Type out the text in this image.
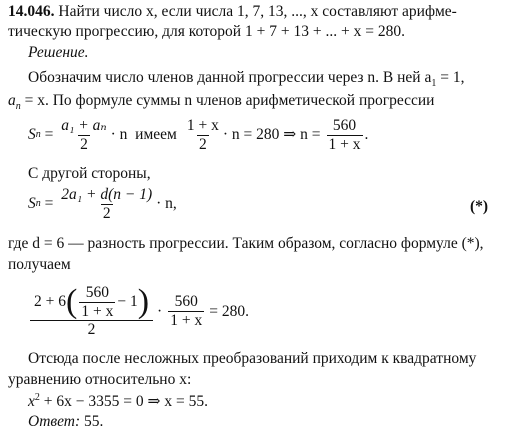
14.046. Найти число x, если числа 1, 7, 13, ..., x составляют арифме-
тическую прогрессию, для которой 1 + 7 + 13 + ... + x = 280.
Решение.
Обозначим число членов данной прогрессии через n. В ней $a_1 = 1$,
$a_n = x$. По формуле суммы n членов арифметической прогрессии
S $n = \frac{\text{a₁ + aₙ}}{2} \cdot n$  имеем $\frac{1 + x}{2} \cdot n = 280$ ⇒ $n = \frac{560}{1 + x}$ .
С другой стороны,
S $n = \frac{\text{2a₁ + d(n − 1)}}{2} \cdot n$,	(*)
где d = 6 — разность прогрессии. Таким образом, согласно формуле (*),
получаем
2 + 6 ( $\frac{560}{1 + x} - 1$ )
2
· $\frac{560}{1 + x} = 280$.
Отсюда после несложных преобразований приходим к квадратному
уравнению относительно x:
$x^2 + 6x - 3355 = 0$ ⇒ x = 55.
Ответ: 55.
